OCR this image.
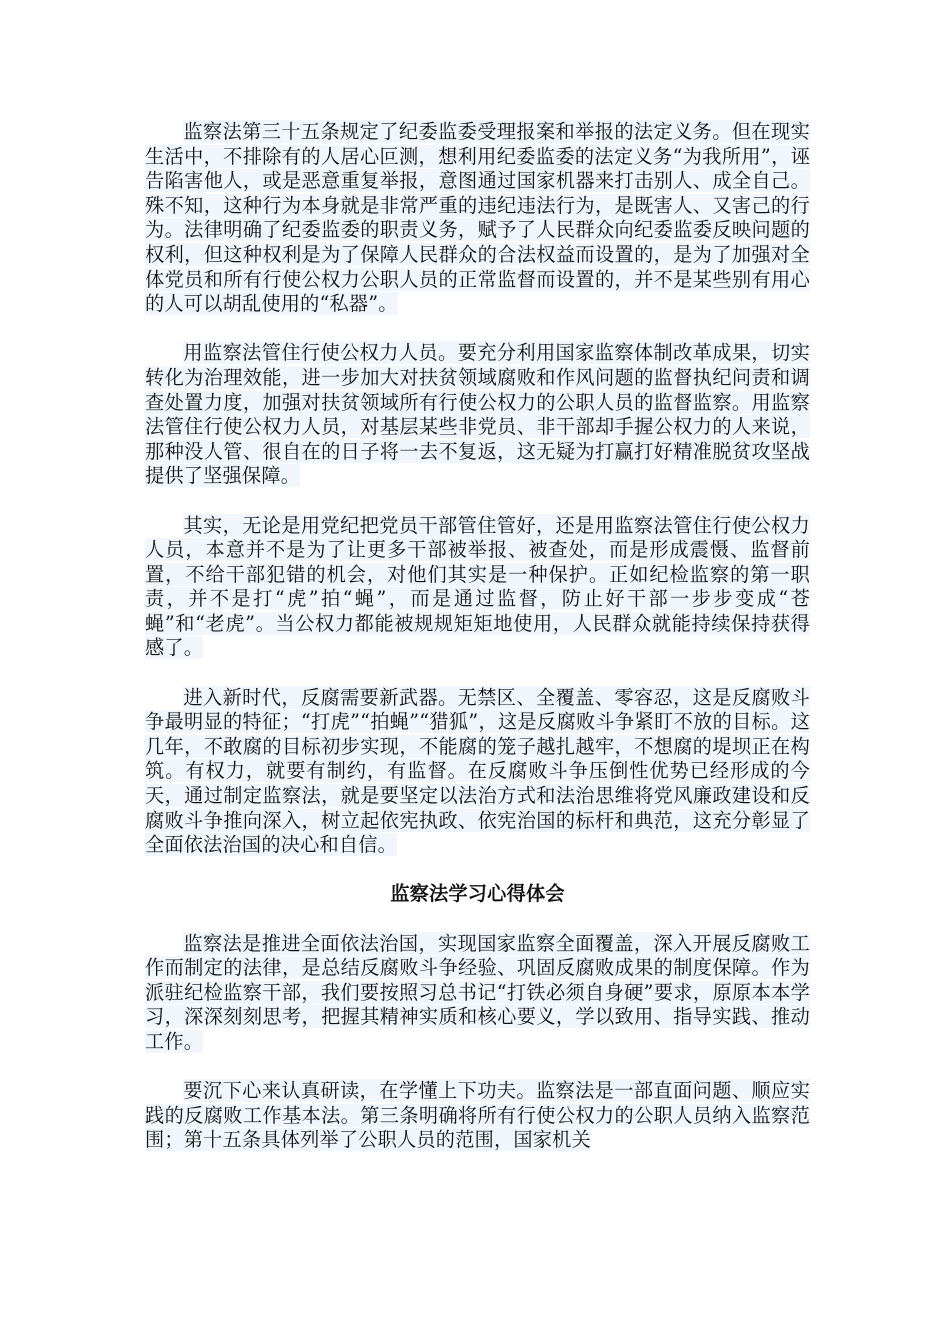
监察法第三十五条规定了纪委监委受理报案和举报的法定义务。但在现实生活中，不排除有的人居心叵测，想利用纪委监委的法定义务“为我所用”，诬告陷害他人，或是恶意重复举报，意图通过国家机器来打击别人、成全自己。殊不知，这种行为本身就是非常严重的违纪违法行为，是既害人、又害己的行为。法律明确了纪委监委的职责义务，赋予了人民群众向纪委监委反映问题的权利，但这种权利是为了保障人民群众的合法权益而设置的，是为了加强对全体党员和所有行使公权力公职人员的正常监督而设置的，并不是某些别有用心的人可以胡乱使用的“私器”。

用监察法管住行使公权力人员。要充分利用国家监察体制改革成果，切实转化为治理效能，进一步加大对扶贫领域腐败和作风问题的监督执纪问责和调查处置力度，加强对扶贫领域所有行使公权力的公职人员的监督监察。用监察法管住行使公权力人员，对基层某些非党员、非干部却手握公权力的人来说，那种没人管、很自在的日子将一去不复返，这无疑为打赢打好精准脱贫攻坚战提供了坚强保障。

其实，无论是用党纪把党员干部管住管好，还是用监察法管住行使公权力人员，本意并不是为了让更多干部被举报、被查处，而是形成震慑、监督前置，不给干部犯错的机会，对他们其实是一种保护。正如纪检监察的第一职责，并不是打“虎”拍“蝇”，而是通过监督，防止好干部一步步变成“苍蝇”和“老虎”。当公权力都能被规规矩矩地使用，人民群众就能持续保持获得感了。

进入新时代，反腐需要新武器。无禁区、全覆盖、零容忍，这是反腐败斗争最明显的特征；“打虎”“拍蝇”“猎狐”，这是反腐败斗争紧盯不放的目标。这几年，不敢腐的目标初步实现，不能腐的笼子越扎越牢，不想腐的堤坝正在构筑。有权力，就要有制约，有监督。在反腐败斗争压倒性优势已经形成的今天，通过制定监察法，就是要坚定以法治方式和法治思维将党风廉政建设和反腐败斗争推向深入，树立起依宪执政、依宪治国的标杆和典范，这充分彰显了全面依法治国的决心和自信。

监察法学习心得体会

监察法是推进全面依法治国，实现国家监察全面覆盖，深入开展反腐败工作而制定的法律，是总结反腐败斗争经验、巩固反腐败成果的制度保障。作为派驻纪检监察干部，我们要按照习总书记“打铁必须自身硬”要求，原原本本学习，深深刻刻思考，把握其精神实质和核心要义，学以致用、指导实践、推动工作。

要沉下心来认真研读，在学懂上下功夫。监察法是一部直面问题、顺应实践的反腐败工作基本法。第三条明确将所有行使公权力的公职人员纳入监察范围；第十五条具体列举了公职人员的范围，国家机关
